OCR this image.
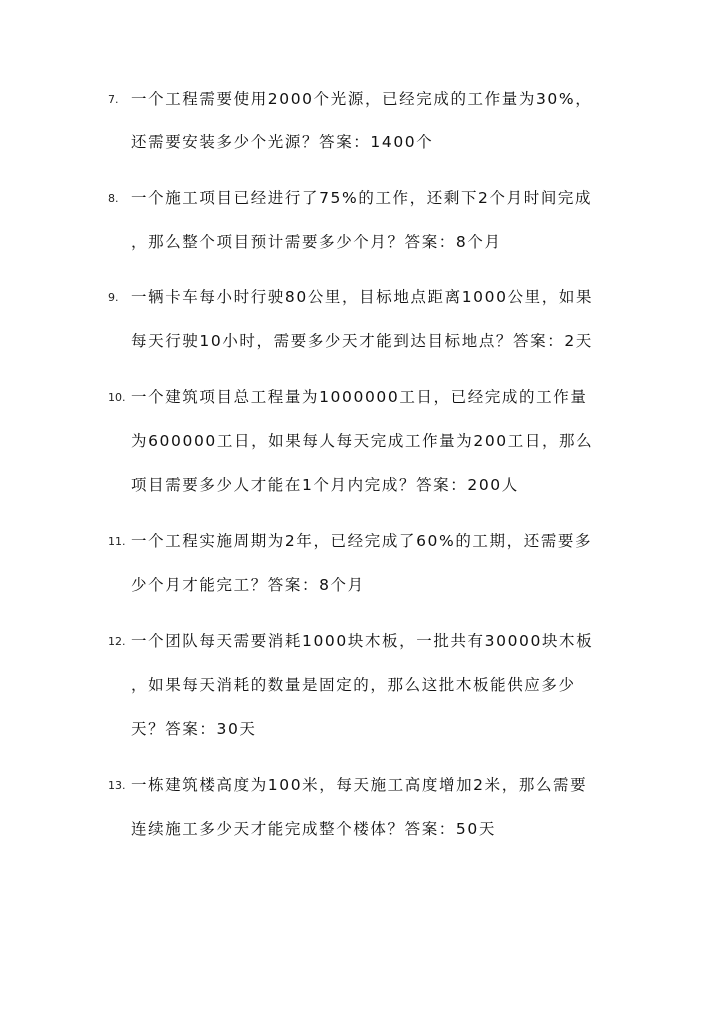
7. 一个工程需要使用2000个光源，已经完成的工作量为30%，
还需要安装多少个光源？答案：1400个
8. 一个施工项目已经进行了75%的工作，还剩下2个月时间完成
，那么整个项目预计需要多少个月？答案：8个月
9. 一辆卡车每小时行驶80公里，目标地点距离1000公里，如果
每天行驶10小时，需要多少天才能到达目标地点？答案：2天
10. 一个建筑项目总工程量为1000000工日，已经完成的工作量
为600000工日，如果每人每天完成工作量为200工日，那么
项目需要多少人才能在1个月内完成？答案：200人
11. 一个工程实施周期为2年，已经完成了60%的工期，还需要多
少个月才能完工？答案：8个月
12. 一个团队每天需要消耗1000块木板，一批共有30000块木板
，如果每天消耗的数量是固定的，那么这批木板能供应多少
天？答案：30天
13. 一栋建筑楼高度为100米，每天施工高度增加2米，那么需要
连续施工多少天才能完成整个楼体？答案：50天
